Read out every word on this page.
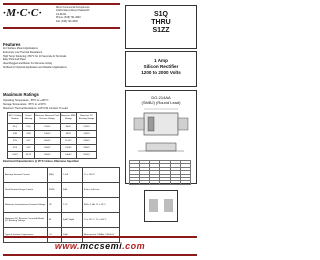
·M·C·C·	Micro Commercial Components
21201 Itasca Street Chatsworth
CA 91311
Phone: (818) 701-4933
Fax: (818) 701-4939
S1Q
THRU
S1ZZ
1 Amp
Silicon Rectifier
1200 to 2000 Volts
Features
For Surface Mount Applications
Extremely Low Thermal Resistance
High Temp Soldering: 250°C for 10 Seconds At Terminals
Easy Pick And Place
Ideal Rugged and Better For Reverse Acting
Suffixed for Optimal Application and Weather Applications
Maximum Ratings
Operating Temperature: -55°C to +150°C
Storage Temperature: -55°C to +150°C
Maximum Thermal Resistance: 100°C/W Junction To Lead
MCC Catalog Number	Device Marking	Maximum Recurrent Peak Reverse Voltage	Maximum RMS Voltage	Maximum DC Blocking Voltage
S1Q	S1Q	1200V	840V	1200V
S1R	S1R	1400V	980V	1400V
S1V	S1V	1600V	1120V	1600V
S1X	S1X	1800V	1260V	1800V
S1ZZ	S1ZZ	2000V	1400V	2000V
DO-214AA
(SMBJ) (Round Lead)
Electrical Characteristics @ 25°C Unless Otherwise Specified
Average Forward Current	I(AV)	1.0 A	TL = 100°C
Peak Forward Surge Current	IFSM	30A	8.3ms, half sine
Maximum Instantaneous Forward Voltage	VF	1.1V	IFM = 1.0A; TJ = 25°C
Maximum DC Reverse Current At Rated DC Blocking Voltage	IR	5µA / 50µA	TJ = 25°C / TJ = 100°C
Typical Junction Capacitance	CJ	15pF	Measured at 1.0MHz, VR=4.0V

www.mccsemi.com
